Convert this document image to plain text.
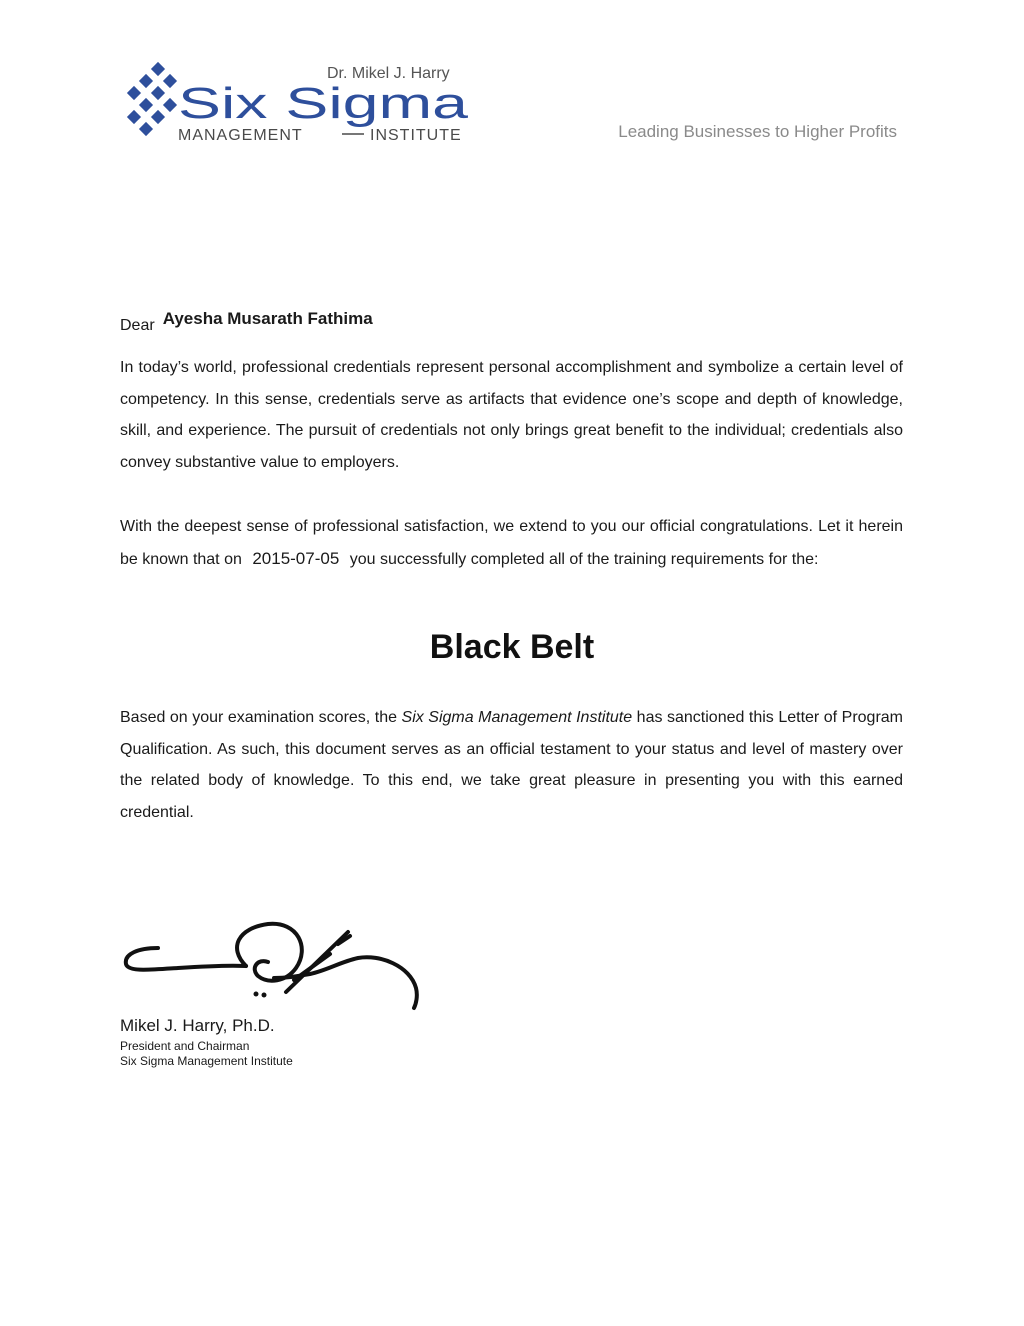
Dr. Mikel J. Harry
Six Sigma
MANAGEMENT	INSTITUTE	Leading Businesses to Higher Profits
Dear Ayesha Musarath Fathima
In today’s world, professional credentials represent personal accomplishment and symbolize a certain level of competency. In this sense, credentials serve as artifacts that evidence one’s scope and depth of knowledge, skill, and experience. The pursuit of credentials not only brings great benefit to the individual; credentials also convey substantive value to employers.
With the deepest sense of professional satisfaction, we extend to you our official congratulations. Let it herein be known that on 2015-07-05 you successfully completed all of the training requirements for the:
Black Belt
Based on your examination scores, the Six Sigma Management Institute has sanctioned this Letter of Program Qualification. As such, this document serves as an official testament to your status and level of mastery over the related body of knowledge. To this end, we take great pleasure in presenting you with this earned credential.
Mikel J. Harry, Ph.D.
President and Chairman
Six Sigma Management Institute
